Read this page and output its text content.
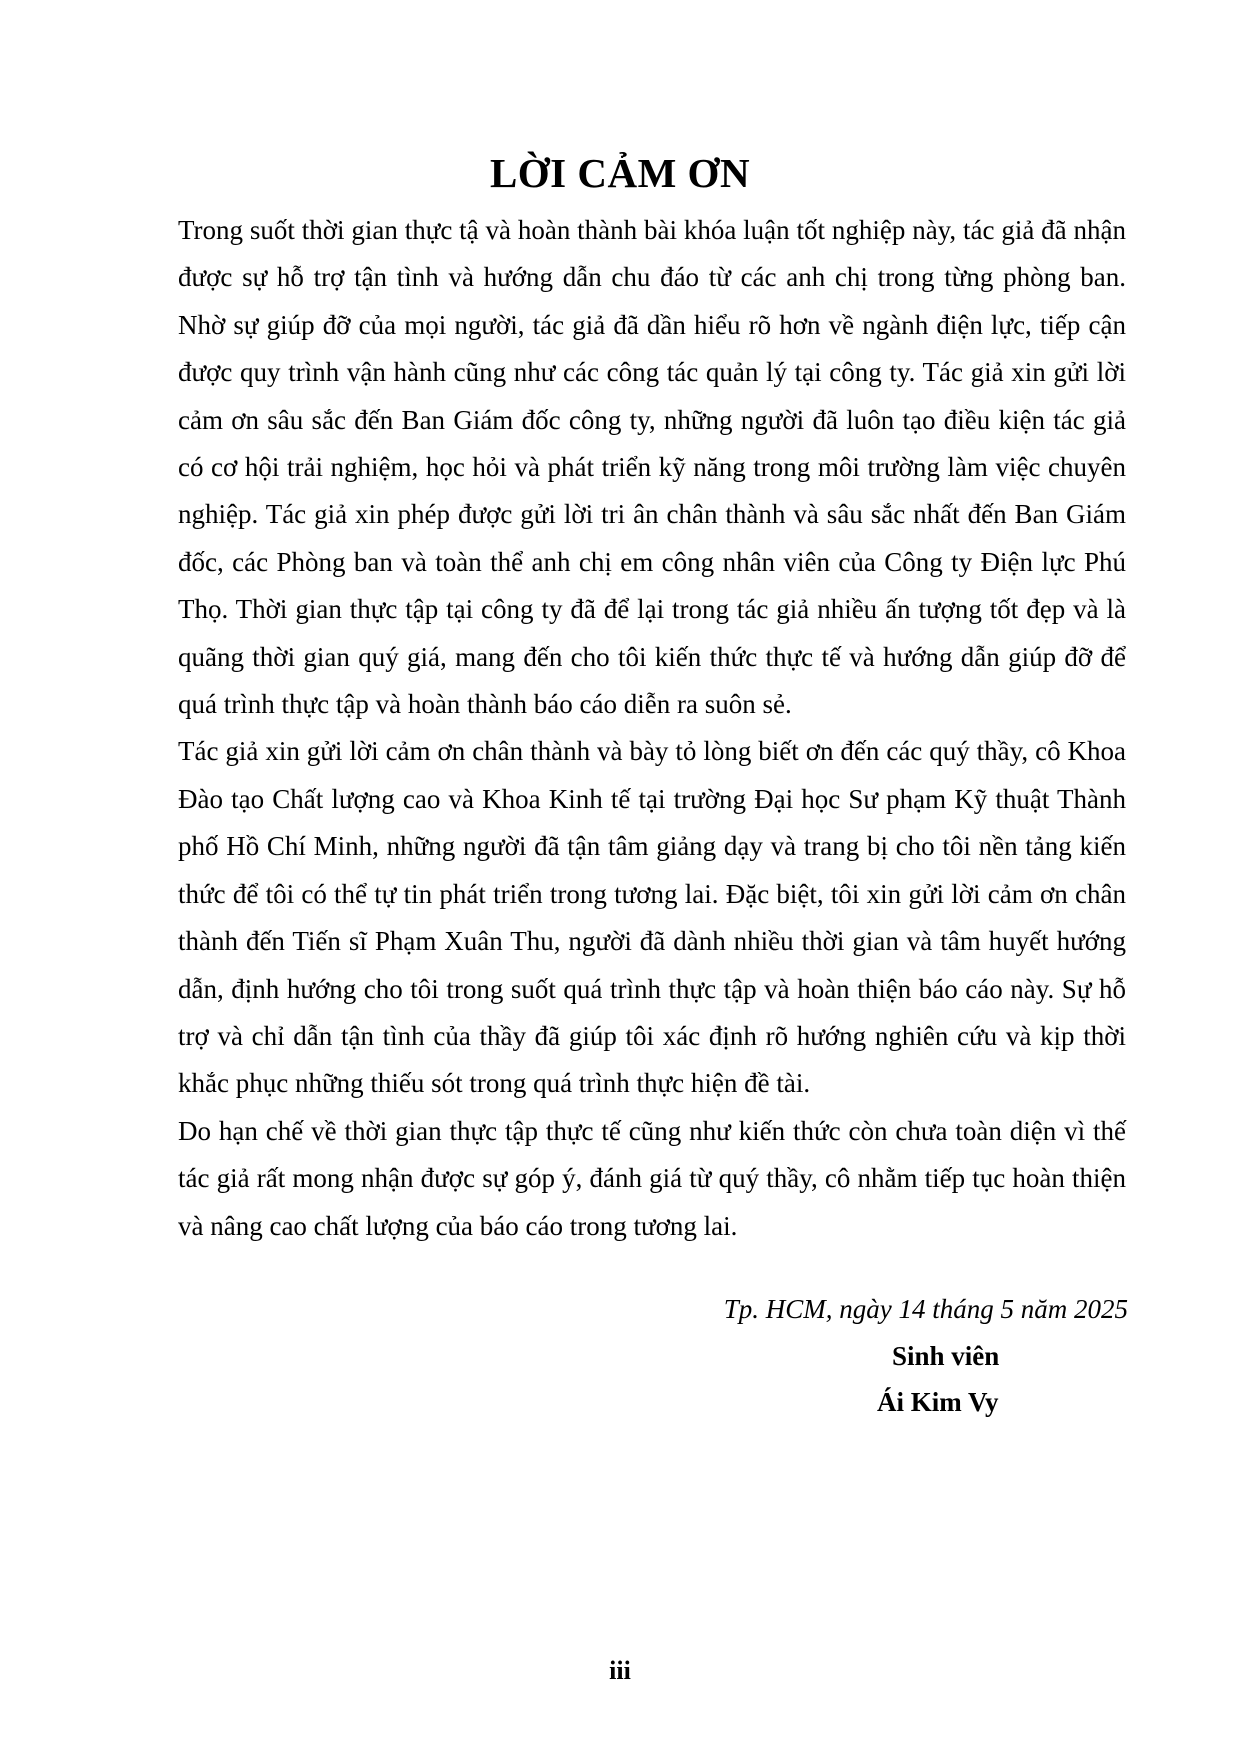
LỜI CẢM ƠN

Trong suốt thời gian thực tậ và hoàn thành bài khóa luận tốt nghiệp này, tác giả đã nhận được sự hỗ trợ tận tình và hướng dẫn chu đáo từ các anh chị trong từng phòng ban. Nhờ sự giúp đỡ của mọi người, tác giả đã dần hiểu rõ hơn về ngành điện lực, tiếp cận được quy trình vận hành cũng như các công tác quản lý tại công ty. Tác giả xin gửi lời cảm ơn sâu sắc đến Ban Giám đốc công ty, những người đã luôn tạo điều kiện tác giả có cơ hội trải nghiệm, học hỏi và phát triển kỹ năng trong môi trường làm việc chuyên nghiệp. Tác giả xin phép được gửi lời tri ân chân thành và sâu sắc nhất đến Ban Giám đốc, các Phòng ban và toàn thể anh chị em công nhân viên của Công ty Điện lực Phú Thọ. Thời gian thực tập tại công ty đã để lại trong tác giả nhiều ấn tượng tốt đẹp và là quãng thời gian quý giá, mang đến cho tôi kiến thức thực tế và hướng dẫn giúp đỡ để quá trình thực tập và hoàn thành báo cáo diễn ra suôn sẻ.

Tác giả xin gửi lời cảm ơn chân thành và bày tỏ lòng biết ơn đến các quý thầy, cô Khoa Đào tạo Chất lượng cao và Khoa Kinh tế tại trường Đại học Sư phạm Kỹ thuật Thành phố Hồ Chí Minh, những người đã tận tâm giảng dạy và trang bị cho tôi nền tảng kiến thức để tôi có thể tự tin phát triển trong tương lai. Đặc biệt, tôi xin gửi lời cảm ơn chân thành đến Tiến sĩ Phạm Xuân Thu, người đã dành nhiều thời gian và tâm huyết hướng dẫn, định hướng cho tôi trong suốt quá trình thực tập và hoàn thiện báo cáo này. Sự hỗ trợ và chỉ dẫn tận tình của thầy đã giúp tôi xác định rõ hướng nghiên cứu và kịp thời khắc phục những thiếu sót trong quá trình thực hiện đề tài.

Do hạn chế về thời gian thực tập thực tế cũng như kiến thức còn chưa toàn diện vì thế tác giả rất mong nhận được sự góp ý, đánh giá từ quý thầy, cô nhằm tiếp tục hoàn thiện và nâng cao chất lượng của báo cáo trong tương lai.

Tp. HCM, ngày 14 tháng 5 năm 2025
Sinh viên
Ái Kim Vy
iii
